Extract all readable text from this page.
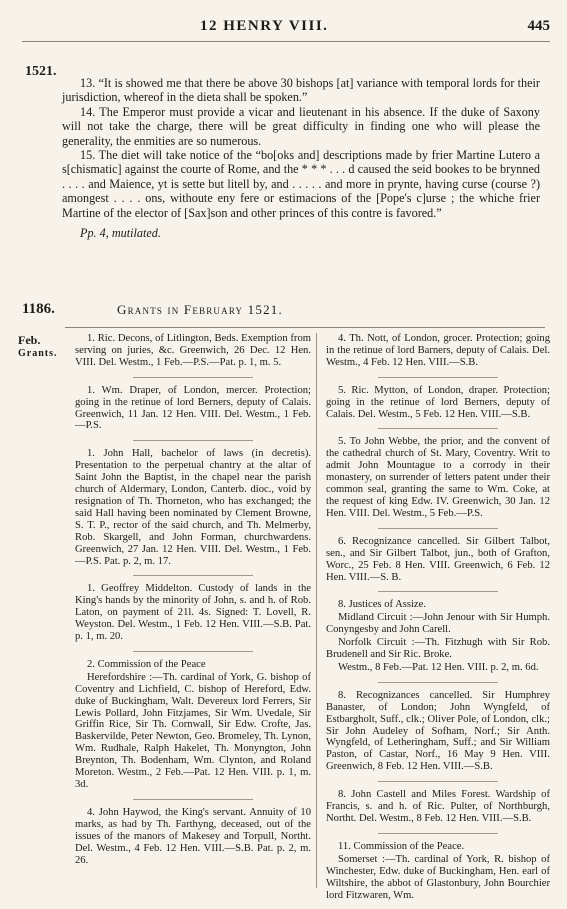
12 HENRY VIII.	445
1521.

13. “It is showed me that there be above 30 bishops [at] variance with temporal lords for their jurisdiction, whereof in the dieta shall be spoken.”

14. The Emperor must provide a vicar and lieutenant in his absence. If the duke of Saxony will not take the charge, there will be great difficulty in finding one who will please the generality, the enmities are so numerous.

15. The diet will take notice of the “bo[oks and] descriptions made by frier Martine Lutero a s[chismatic] against the courte of Rome, and the * * * . . . d caused the seid bookes to be brynned . . . . and Maience, yt is sette but litell by, and . . . . . and more in prynte, having curse (course ?) amongest . . . . ons, withoute eny fere or estimacions of the [Pope's c]urse ; the whiche frier Martine of the elector of [Sax]son and other princes of this contre is favored.”

Pp. 4, mutilated.

1186.	Grants in February 1521.
Feb.
Grants.

1. Ric. Decons, of Litlington, Beds. Exemption from serving on juries, &c. Greenwich, 26 Dec. 12 Hen. VIII. Del. Westm., 1 Feb.—P.S.—Pat. p. 1, m. 5.

1. Wm. Draper, of London, mercer. Protection; going in the retinue of lord Berners, deputy of Calais. Greenwich, 11 Jan. 12 Hen. VIII. Del. Westm., 1 Feb.—P.S.

1. John Hall, bachelor of laws (in decretis). Presentation to the perpetual chantry at the altar of Saint John the Baptist, in the chapel near the parish church of Aldermary, London, Canterb. dioc., void by resignation of Th. Thorneton, who has exchanged; the said Hall having been nominated by Clement Browne, S. T. P., rector of the said church, and Th. Melmerby, Rob. Skargell, and John Forman, churchwardens. Greenwich, 27 Jan. 12 Hen. VIII. Del. Westm., 1 Feb.—P.S. Pat. p. 2, m. 17.

1. Geoffrey Middelton. Custody of lands in the King's hands by the minority of John, s. and h. of Rob. Laton, on payment of 21l. 4s. Signed: T. Lovell, R. Weyston. Del. Westm., 1 Feb. 12 Hen. VIII.—S.B. Pat. p. 1, m. 20.

2. Commission of the Peace

Herefordshire :—Th. cardinal of York, G. bishop of Coventry and Lichfield, C. bishop of Hereford, Edw. duke of Buckingham, Walt. Devereux lord Ferrers, Sir Lewis Pollard, John Fitzjames, Sir Wm. Uvedale, Sir Griffin Rice, Sir Th. Cornwall, Sir Edw. Crofte, Jas. Baskervilde, Peter Newton, Geo. Bromeley, Th. Lynon, Wm. Rudhale, Ralph Hakelet, Th. Monyngton, John Breynton, Th. Bodenham, Wm. Clynton, and Roland Moreton. Westm., 2 Feb.—Pat. 12 Hen. VIII. p. 1, m. 3d.

4. John Haywod, the King's servant. Annuity of 10 marks, as had by Th. Farthyng, deceased, out of the issues of the manors of Makesey and Torpull, Northt. Del. Westm., 4 Feb. 12 Hen. VIII.—S.B. Pat. p. 2, m. 26.

4. Th. Nott, of London, grocer. Protection; going in the retinue of lord Barners, deputy of Calais. Del. Westm., 4 Feb. 12 Hen. VIII.—S.B.

5. Ric. Mytton, of London, draper. Protection; going in the retinue of lord Berners, deputy of Calais. Del. Westm., 5 Feb. 12 Hen. VIII.—S.B.

5. To John Webbe, the prior, and the convent of the cathedral church of St. Mary, Coventry. Writ to admit John Mountague to a corrody in their monastery, on surrender of letters patent under their common seal, granting the same to Wm. Coke, at the request of king Edw. IV. Greenwich, 30 Jan. 12 Hen. VIII. Del. Westm., 5 Feb.—P.S.

6. Recognizance cancelled. Sir Gilbert Talbot, sen., and Sir Gilbert Talbot, jun., both of Grafton, Worc., 25 Feb. 8 Hen. VIII. Greenwich, 6 Feb. 12 Hen. VIII.—S. B.

8. Justices of Assize.

Midland Circuit :—John Jenour with Sir Humph. Conyngesby and John Carell.

Norfolk Circuit :—Th. Fitzhugh with Sir Rob. Brudenell and Sir Ric. Broke.

Westm., 8 Feb.—Pat. 12 Hen. VIII. p. 2, m. 6d.

8. Recognizances cancelled. Sir Humphrey Banaster, of London; John Wyngfeld, of Estbargholt, Suff., clk.; Oliver Pole, of London, clk.; Sir John Audeley of Sofham, Norf.; Sir Anth. Wyngfeld, of Letheringham, Suff.; and Sir William Paston, of Castar, Norf., 16 May 9 Hen. VIII. Greenwich, 8 Feb. 12 Hen. VIII.—S.B.

8. John Castell and Miles Forest. Wardship of Francis, s. and h. of Ric. Pulter, of Northburgh, Northt. Del. Westm., 8 Feb. 12 Hen. VIII.—S.B.

11. Commission of the Peace.

Somerset :—Th. cardinal of York, R. bishop of Winchester, Edw. duke of Buckingham, Hen. earl of Wiltshire, the abbot of Glastonbury, John Bourchier lord Fitzwaren, Wm.
